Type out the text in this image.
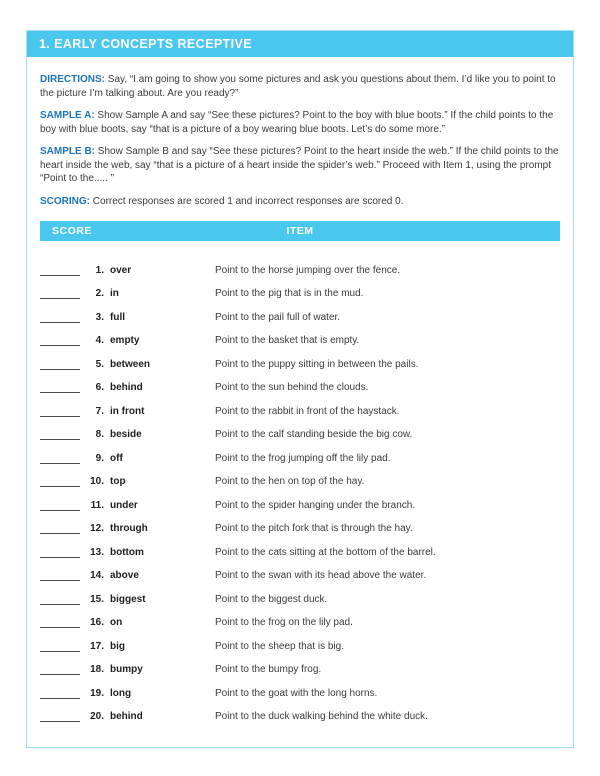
1. EARLY CONCEPTS RECEPTIVE

DIRECTIONS: Say, “I am going to show you some pictures and ask you questions about them. I’d like you to point to the picture I’m talking about. Are you ready?”

SAMPLE A: Show Sample A and say “See these pictures? Point to the boy with blue boots.” If the child points to the boy with blue boots, say “that is a picture of a boy wearing blue boots. Let’s do some more.”

SAMPLE B: Show Sample B and say “See these pictures? Point to the heart inside the web.” If the child points to the heart inside the web, say “that is a picture of a heart inside the spider’s web.” Proceed with Item 1, using the prompt “Point to the..... ”

SCORING: Correct responses are scored 1 and incorrect responses are scored 0.

SCORE	ITEM
1. over	Point to the horse jumping over the fence.
2. in	Point to the pig that is in the mud.
3. full	Point to the pail full of water.
4. empty	Point to the basket that is empty.
5. between	Point to the puppy sitting in between the pails.
6. behind	Point to the sun behind the clouds.
7. in front	Point to the rabbit in front of the haystack.
8. beside	Point to the calf standing beside the big cow.
9. off	Point to the frog jumping off the lily pad.
10. top	Point to the hen on top of the hay.
11. under	Point to the spider hanging under the branch.
12. through	Point to the pitch fork that is through the hay.
13. bottom	Point to the cats sitting at the bottom of the barrel.
14. above	Point to the swan with its head above the water.
15. biggest	Point to the biggest duck.
16. on	Point to the frog on the lily pad.
17. big	Point to the sheep that is big.
18. bumpy	Point to the bumpy frog.
19. long	Point to the goat with the long horns.
20. behind	Point to the duck walking behind the white duck.
